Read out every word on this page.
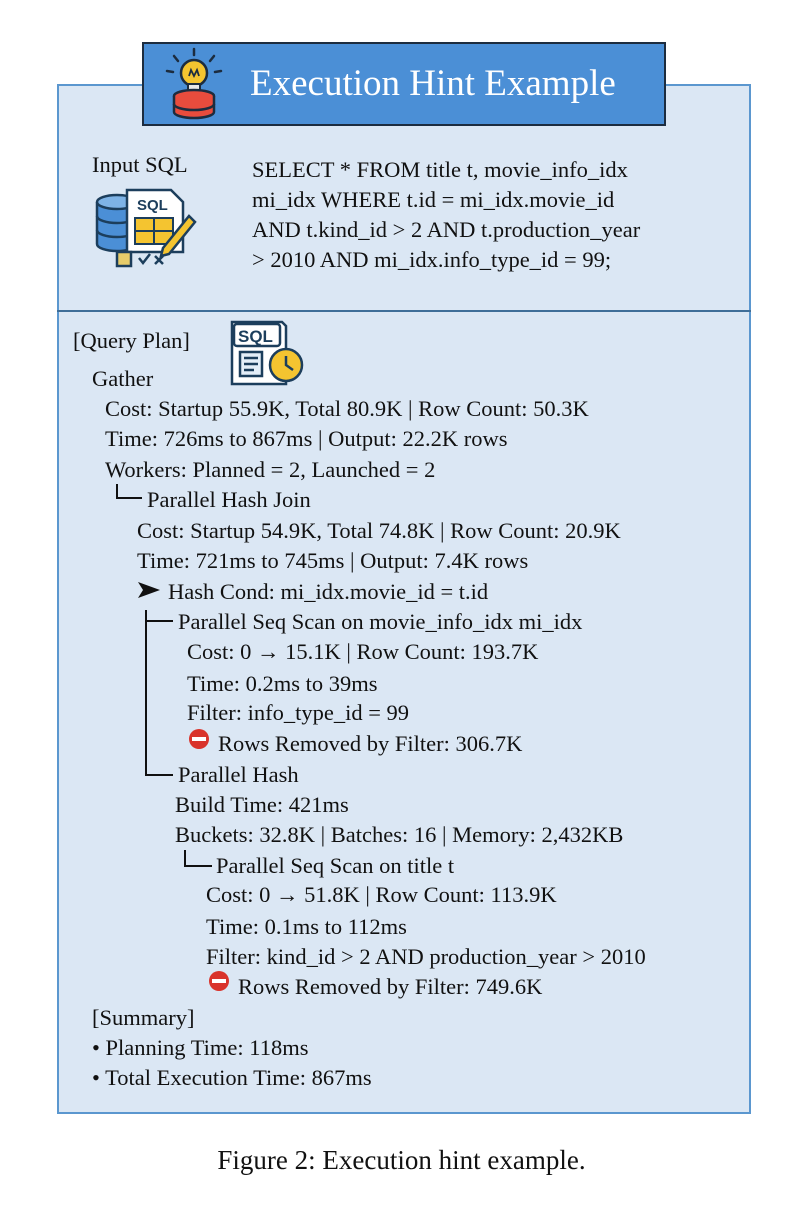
Execution Hint Example
Input SQL
SQL
SELECT * FROM title t, movie_info_idx
mi_idx WHERE t.id = mi_idx.movie_id
AND t.kind_id > 2 AND t.production_year
> 2010 AND mi_idx.info_type_id = 99;
[Query Plan]	SQL
Gather
Cost: Startup 55.9K, Total 80.9K | Row Count: 50.3K
Time: 726ms to 867ms | Output: 22.2K rows
Workers: Planned = 2, Launched = 2
Parallel Hash Join
Cost: Startup 54.9K, Total 74.8K | Row Count: 20.9K
Time: 721ms to 745ms | Output: 7.4K rows
Hash Cond: mi_idx.movie_id = t.id
Parallel Seq Scan on movie_info_idx mi_idx
Cost: 0 → 15.1K | Row Count: 193.7K
Time: 0.2ms to 39ms
Filter: info_type_id = 99
Rows Removed by Filter: 306.7K
Parallel Hash
Build Time: 421ms
Buckets: 32.8K | Batches: 16 | Memory: 2,432KB
Parallel Seq Scan on title t
Cost: 0 → 51.8K | Row Count: 113.9K
Time: 0.1ms to 112ms
Filter: kind_id > 2 AND production_year > 2010
Rows Removed by Filter: 749.6K
[Summary]
• Planning Time: 118ms
• Total Execution Time: 867ms
Figure 2: Execution hint example.
